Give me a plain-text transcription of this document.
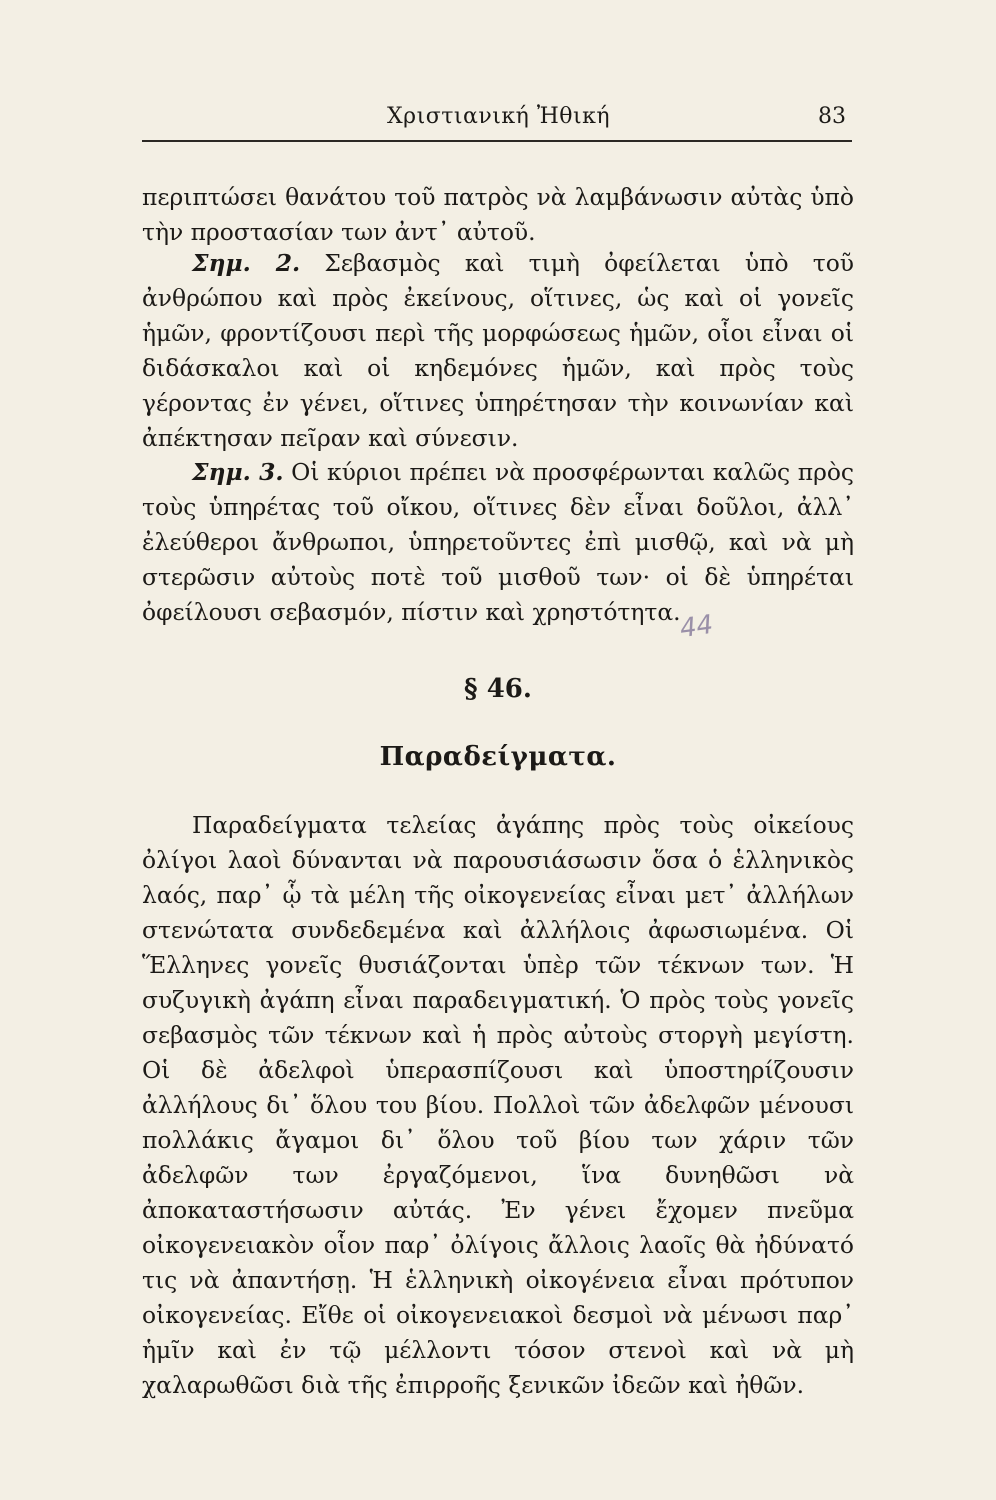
Χριστιανική Ἠθική	83

περιπτώσει θανάτου τοῦ πατρὸς νὰ λαμβάνωσιν αὐτὰς ὑπὸ τὴν προστασίαν των ἀντ᾽ αὐτοῦ.

Σημ. 2. Σεβασμὸς καὶ τιμὴ ὀφείλεται ὑπὸ τοῦ ἀνθρώπου καὶ πρὸς ἐκείνους, οἵτινες, ὡς καὶ οἱ γονεῖς ἡμῶν, φροντίζουσι περὶ τῆς μορφώσεως ἡμῶν, οἷοι εἶναι οἱ διδάσκαλοι καὶ οἱ κηδεμόνες ἡμῶν, καὶ πρὸς τοὺς γέροντας ἐν γένει, οἵτινες ὑπηρέτησαν τὴν κοινωνίαν καὶ ἀπέκτησαν πεῖραν καὶ σύνεσιν.

Σημ. 3. Οἱ κύριοι πρέπει νὰ προσφέρωνται καλῶς πρὸς τοὺς ὑπηρέτας τοῦ οἴκου, οἵτινες δὲν εἶναι δοῦλοι, ἀλλ᾽ ἐλεύθεροι ἄνθρωποι, ὑπηρετοῦντες ἐπὶ μισθῷ, καὶ νὰ μὴ στερῶσιν αὐτοὺς ποτὲ τοῦ μισθοῦ των· οἱ δὲ ὑπηρέται ὀφείλουσι σεβασμόν, πίστιν καὶ χρηστότητα.

44
§ 46.
Παραδείγματα.

Παραδείγματα τελείας ἀγάπης πρὸς τοὺς οἰκείους ὀλίγοι λαοὶ δύνανται νὰ παρουσιάσωσιν ὅσα ὁ ἑλληνικὸς λαός, παρ᾽ ᾧ τὰ μέλη τῆς οἰκογενείας εἶναι μετ᾽ ἀλλήλων στενώτατα συνδεδεμένα καὶ ἀλλήλοις ἀφωσιωμένα. Οἱ Ἕλληνες γονεῖς θυσιάζονται ὑπὲρ τῶν τέκνων των. Ἡ συζυγικὴ ἀγάπη εἶναι παραδειγματική. Ὁ πρὸς τοὺς γονεῖς σεβασμὸς τῶν τέκνων καὶ ἡ πρὸς αὐτοὺς στοργὴ μεγίστη. Οἱ δὲ ἀδελφοὶ ὑπερασπίζουσι καὶ ὑποστηρίζουσιν ἀλλήλους δι᾽ ὅλου του βίου. Πολλοὶ τῶν ἀδελφῶν μένουσι πολλάκις ἄγαμοι δι᾽ ὅλου τοῦ βίου των χάριν τῶν ἀδελφῶν των ἐργαζόμενοι, ἵνα δυνηθῶσι νὰ ἀποκαταστήσωσιν αὐτάς. Ἐν γένει ἔχομεν πνεῦμα οἰκογενειακὸν οἷον παρ᾽ ὀλίγοις ἄλλοις λαοῖς θὰ ἠδύνατό τις νὰ ἀπαντήσῃ. Ἡ ἑλληνικὴ οἰκογένεια εἶναι πρότυπον οἰκογενείας. Εἴθε οἱ οἰκογενειακοὶ δεσμοὶ νὰ μένωσι παρ᾽ ἡμῖν καὶ ἐν τῷ μέλλοντι τόσον στενοὶ καὶ νὰ μὴ χαλαρωθῶσι διὰ τῆς ἐπιρροῆς ξενικῶν ἰδεῶν καὶ ἠθῶν.
